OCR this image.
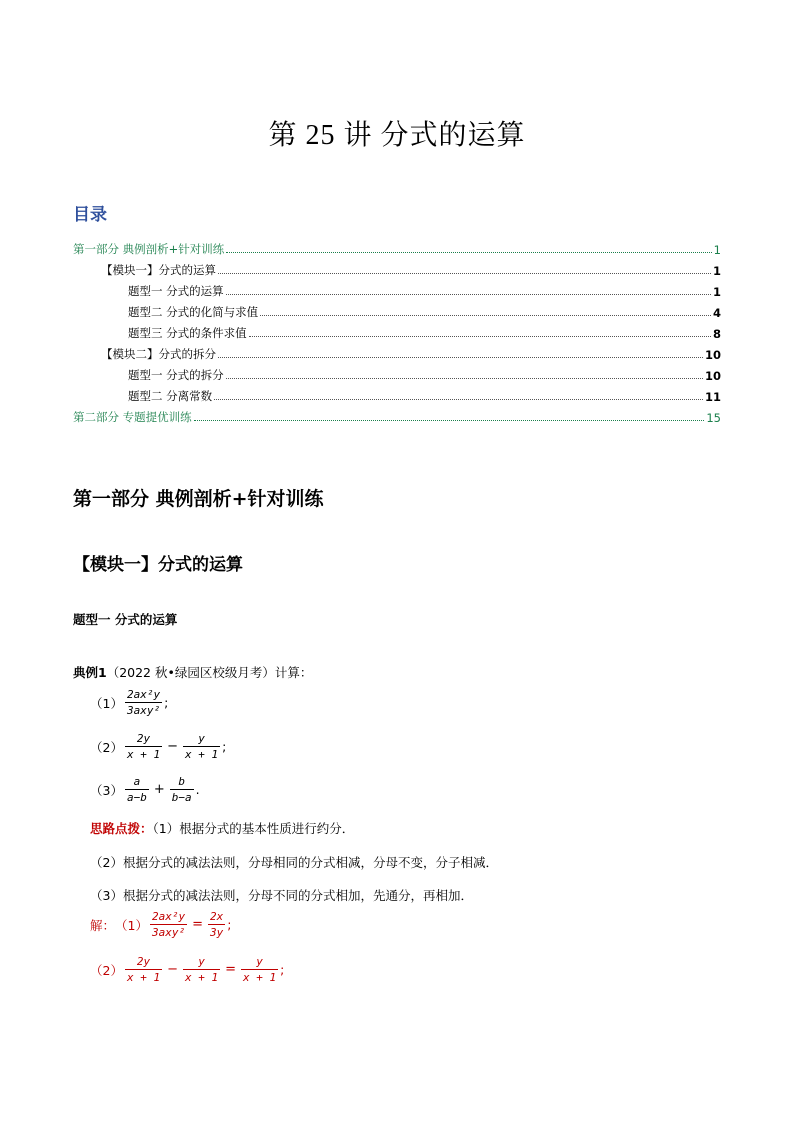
第 25 讲 分式的运算
目录
第一部分 典例剖析+针对训练	1
【模块一】分式的运算	1
题型一 分式的运算	1
题型二 分式的化简与求值	4
题型三 分式的条件求值	8
【模块二】分式的拆分	10
题型一 分式的拆分	10
题型二 分离常数	11
第二部分 专题提优训练	15
第一部分 典例剖析+针对训练
【模块一】分式的运算
题型一 分式的运算
典例1（2022 秋•绿园区校级月考）计算：
$(1) \frac{\text{2ax²y}}{\text{3axy²}}$ ;
$(2) \frac{2y}{x + 1} - \frac{y}{x + 1}$ ;
$(3) \frac{a}{a-b} + \frac{b}{b-a}$ .
思路点拨：（1）根据分式的基本性质进行约分．
（2）根据分式的减法法则，分母相同的分式相减，分母不变，分子相减．
（3）根据分式的减法法则，分母不同的分式相加，先通分，再相加．
解： $(1) \frac{\text{2ax²y}}{\text{3axy²}} = \frac{2x}{3y}$ ;
$(2) \frac{2y}{x + 1} - \frac{y}{x + 1} = \frac{y}{x + 1}$ ;
